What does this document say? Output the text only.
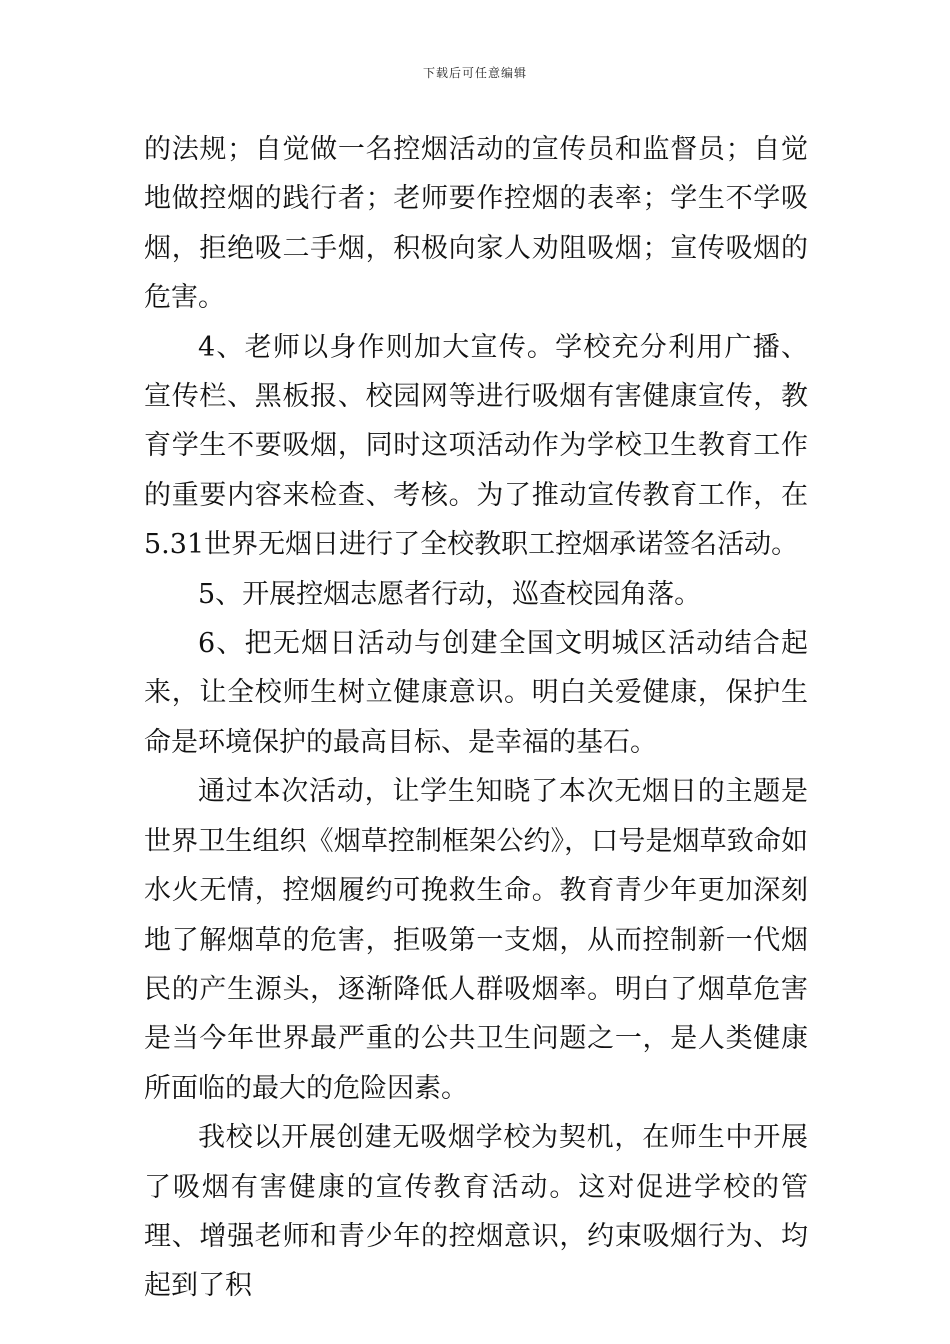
下载后可任意编辑

的法规；自觉做一名控烟活动的宣传员和监督员；自觉地做控烟的践行者；老师要作控烟的表率；学生不学吸烟，拒绝吸二手烟，积极向家人劝阻吸烟；宣传吸烟的危害。

4、老师以身作则加大宣传。学校充分利用广播、宣传栏、黑板报、校园网等进行吸烟有害健康宣传，教育学生不要吸烟，同时这项活动作为学校卫生教育工作的重要内容来检查、考核。为了推动宣传教育工作，在5.31世界无烟日进行了全校教职工控烟承诺签名活动。

5、开展控烟志愿者行动，巡查校园角落。

6、把无烟日活动与创建全国文明城区活动结合起来，让全校师生树立健康意识。明白关爱健康，保护生命是环境保护的最高目标、是幸福的基石。

通过本次活动，让学生知晓了本次无烟日的主题是世界卫生组织《烟草控制框架公约》，口号是烟草致命如水火无情，控烟履约可挽救生命。教育青少年更加深刻地了解烟草的危害，拒吸第一支烟，从而控制新一代烟民的产生源头，逐渐降低人群吸烟率。明白了烟草危害是当今年世界最严重的公共卫生问题之一，是人类健康所面临的最大的危险因素。

我校以开展创建无吸烟学校为契机，在师生中开展了吸烟有害健康的宣传教育活动。这对促进学校的管理、增强老师和青少年的控烟意识，约束吸烟行为、均起到了积
